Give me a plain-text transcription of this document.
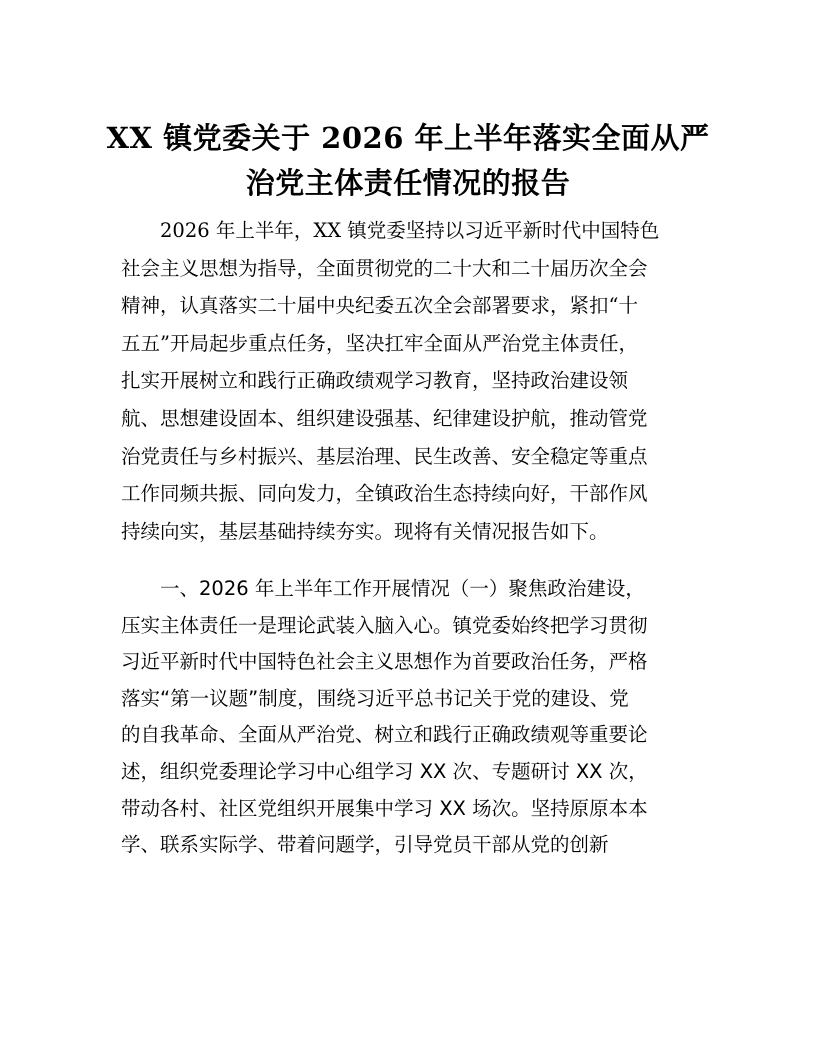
XX 镇党委关于 2026 年上半年落实全面从严
治党主体责任情况的报告
　　2026 年上半年，XX 镇党委坚持以习近平新时代中国特色
社会主义思想为指导，全面贯彻党的二十大和二十届历次全会
精神，认真落实二十届中央纪委五次全会部署要求，紧扣“十
五五”开局起步重点任务，坚决扛牢全面从严治党主体责任，
扎实开展树立和践行正确政绩观学习教育，坚持政治建设领
航、思想建设固本、组织建设强基、纪律建设护航，推动管党
治党责任与乡村振兴、基层治理、民生改善、安全稳定等重点
工作同频共振、同向发力，全镇政治生态持续向好，干部作风
持续向实，基层基础持续夯实。现将有关情况报告如下。
　　一、2026 年上半年工作开展情况（一）聚焦政治建设，
压实主体责任一是理论武装入脑入心。镇党委始终把学习贯彻
习近平新时代中国特色社会主义思想作为首要政治任务，严格
落实“第一议题”制度，围绕习近平总书记关于党的建设、党
的自我革命、全面从严治党、树立和践行正确政绩观等重要论
述，组织党委理论学习中心组学习 XX 次、专题研讨 XX 次，
带动各村、社区党组织开展集中学习 XX 场次。坚持原原本本
学、联系实际学、带着问题学，引导党员干部从党的创新
